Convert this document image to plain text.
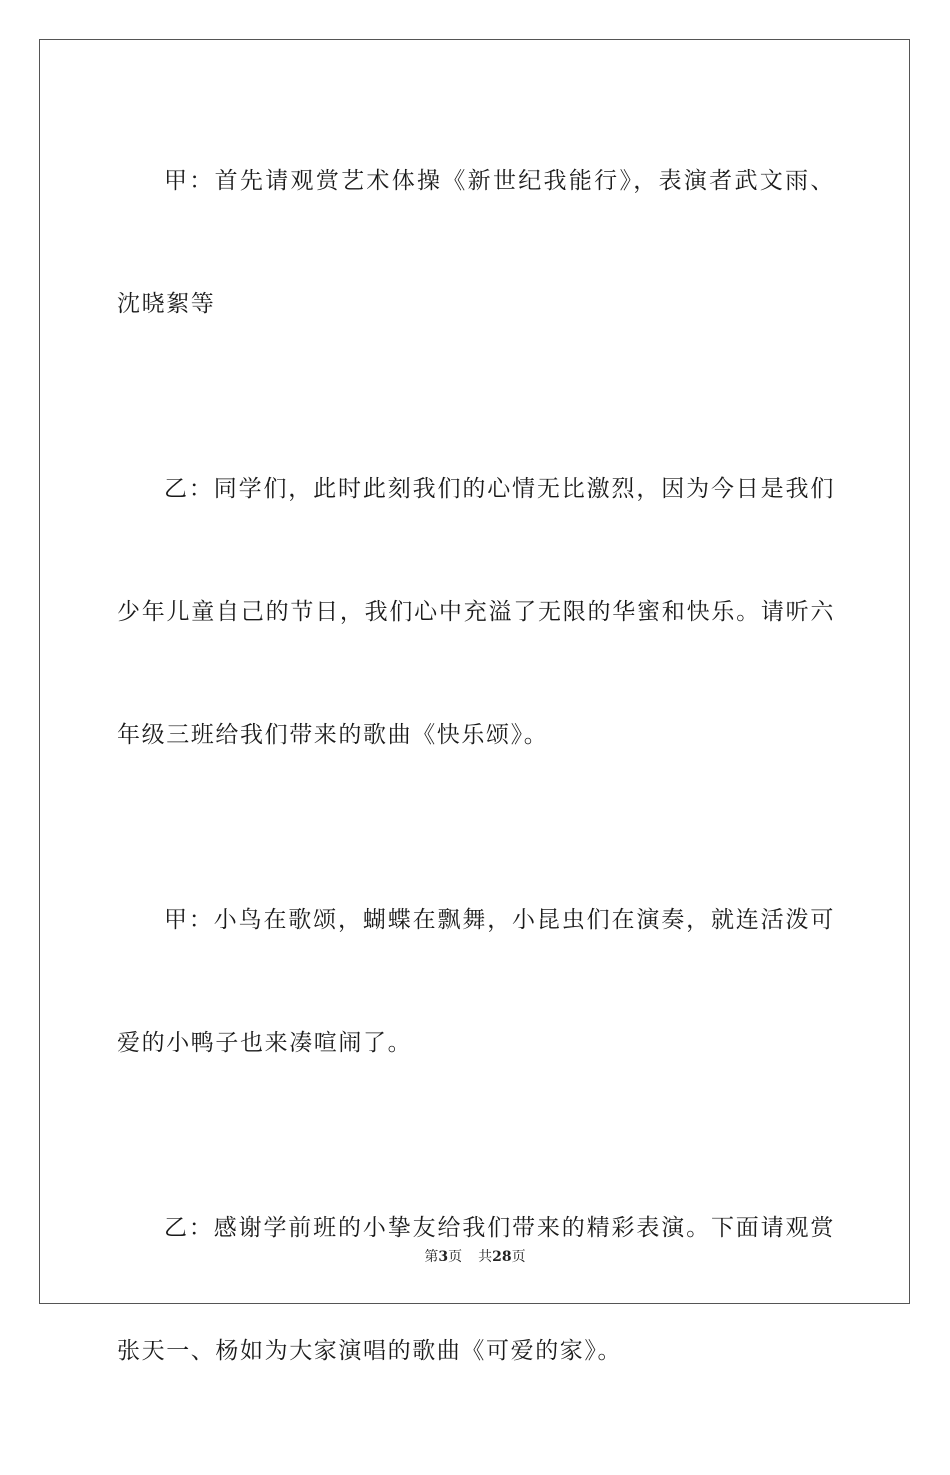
甲：首先请观赏艺术体操《新世纪我能行》，表演者武文雨、沈晓絮等

乙：同学们，此时此刻我们的心情无比激烈，因为今日是我们少年儿童自己的节日，我们心中充溢了无限的华蜜和快乐。请听六年级三班给我们带来的歌曲《快乐颂》。

甲：小鸟在歌颂，蝴蝶在飘舞，小昆虫们在演奏，就连活泼可爱的小鸭子也来凑喧闹了。

乙：感谢学前班的小挚友给我们带来的精彩表演。下面请观赏张天一、杨如为大家演唱的歌曲《可爱的家》。

第3页 共28页
